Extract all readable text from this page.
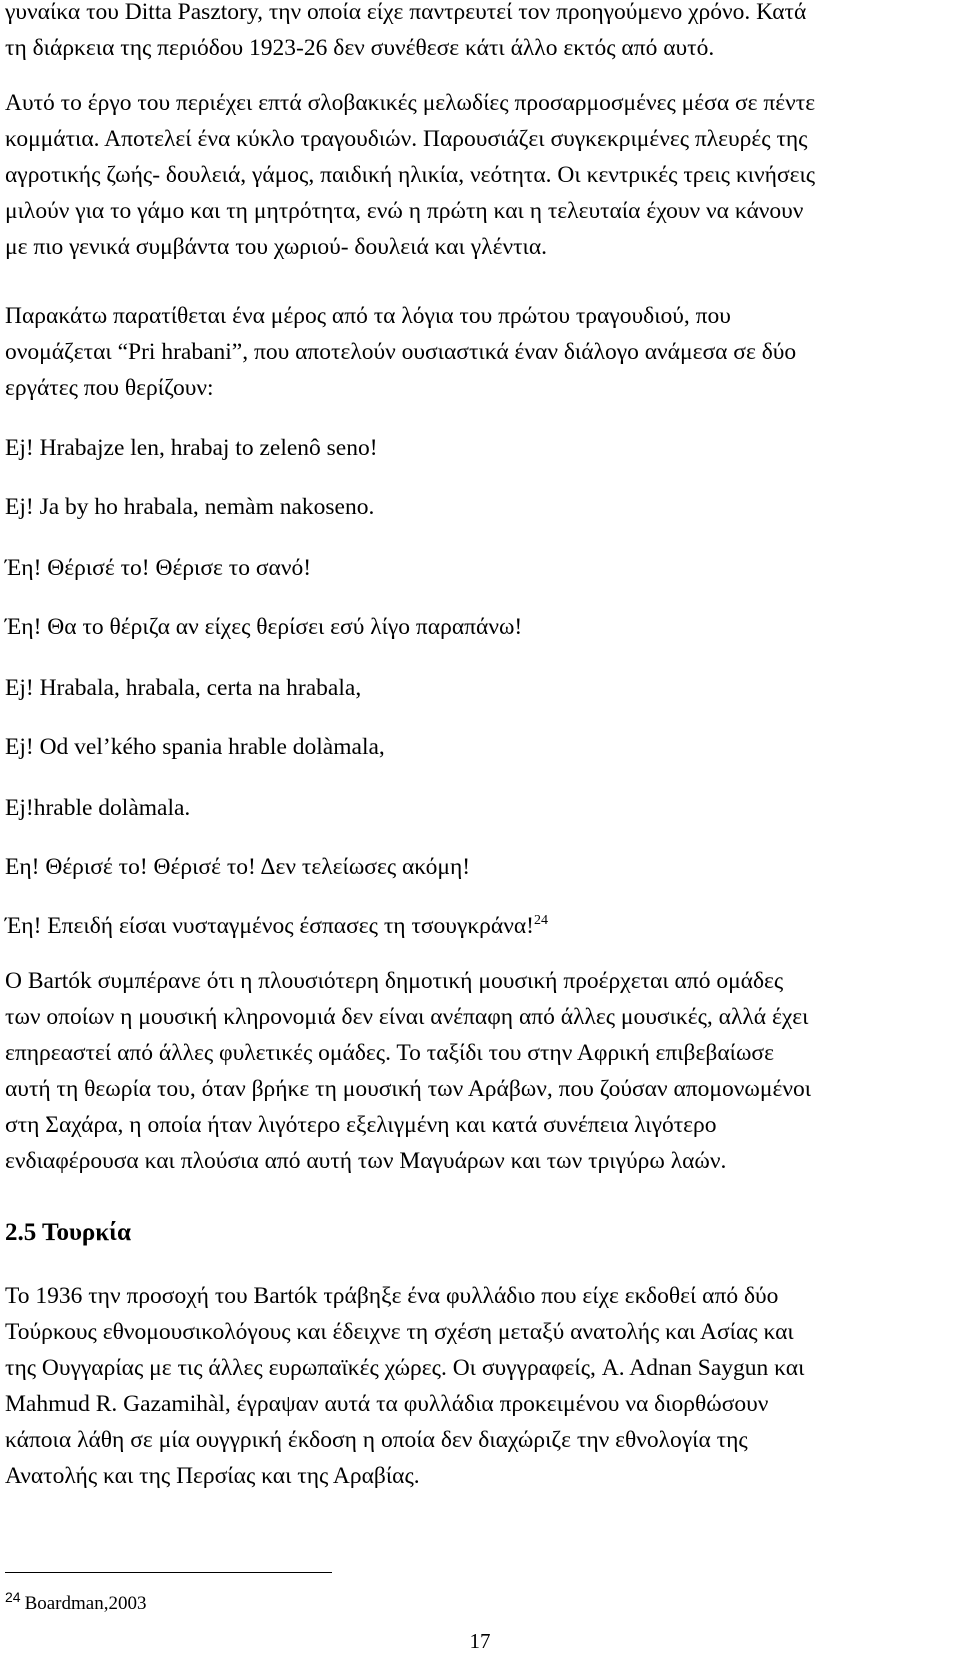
γυναίκα του Ditta Pasztory, την οποία είχε παντρευτεί τον προηγούμενο χρόνο. Κατά
τη διάρκεια της περιόδου 1923-26 δεν συνέθεσε κάτι άλλο εκτός από αυτό.
Αυτό το έργο του περιέχει επτά σλοβακικές μελωδίες προσαρμοσμένες μέσα σε πέντε
κομμάτια. Αποτελεί ένα κύκλο τραγουδιών. Παρουσιάζει συγκεκριμένες πλευρές της
αγροτικής ζωής- δουλειά, γάμος, παιδική ηλικία, νεότητα. Οι κεντρικές τρεις κινήσεις
μιλούν για το γάμο και τη μητρότητα, ενώ η πρώτη και η τελευταία έχουν να κάνουν
με πιο γενικά συμβάντα του χωριού- δουλειά και γλέντια.
Παρακάτω παρατίθεται ένα μέρος από τα λόγια του πρώτου τραγουδιού, που
ονομάζεται “Pri hrabani”, που αποτελούν ουσιαστικά έναν διάλογο ανάμεσα σε δύο
εργάτες που θερίζουν:
Ej! Hrabajze len, hrabaj to zelenô seno!
Ej! Ja by ho hrabala, nemàm nakoseno.
Έη! Θέρισέ το! Θέρισε το σανό!
Έη! Θα το θέριζα αν είχες θερίσει εσύ λίγο παραπάνω!
Ej! Hrabala, hrabala, certa na hrabala,
Ej! Od vel’kého spania hrable dolàmala,
Ej!hrable dolàmala.
Εη! Θέρισέ το! Θέρισέ το! Δεν τελείωσες ακόμη!
Έη! Επειδή είσαι νυσταγμένος έσπασες τη τσουγκράνα!$^{24}$
Ο Bartók συμπέρανε ότι η πλουσιότερη δημοτική μουσική προέρχεται από ομάδες
των οποίων η μουσική κληρονομιά δεν είναι ανέπαφη από άλλες μουσικές, αλλά έχει
επηρεαστεί από άλλες φυλετικές ομάδες. Το ταξίδι του στην Αφρική επιβεβαίωσε
αυτή τη θεωρία του, όταν βρήκε τη μουσική των Αράβων, που ζούσαν απομονωμένοι
στη Σαχάρα, η οποία ήταν λιγότερο εξελιγμένη και κατά συνέπεια λιγότερο
ενδιαφέρουσα και πλούσια από αυτή των Μαγυάρων και των τριγύρω λαών.
2.5 Τουρκία
Το 1936 την προσοχή του Bartók τράβηξε ένα φυλλάδιο που είχε εκδοθεί από δύο
Τούρκους εθνομουσικολόγους και έδειχνε τη σχέση μεταξύ ανατολής και Ασίας και
της Ουγγαρίας με τις άλλες ευρωπαϊκές χώρες. Οι συγγραφείς, A. Adnan Saygun και
Mahmud R. Gazamihàl, έγραψαν αυτά τα φυλλάδια προκειμένου να διορθώσουν
κάποια λάθη σε μία ουγγρική έκδοση η οποία δεν διαχώριζε την εθνολογία της
Ανατολής και της Περσίας και της Αραβίας.
$^{24}$ Boardman,2003
17
